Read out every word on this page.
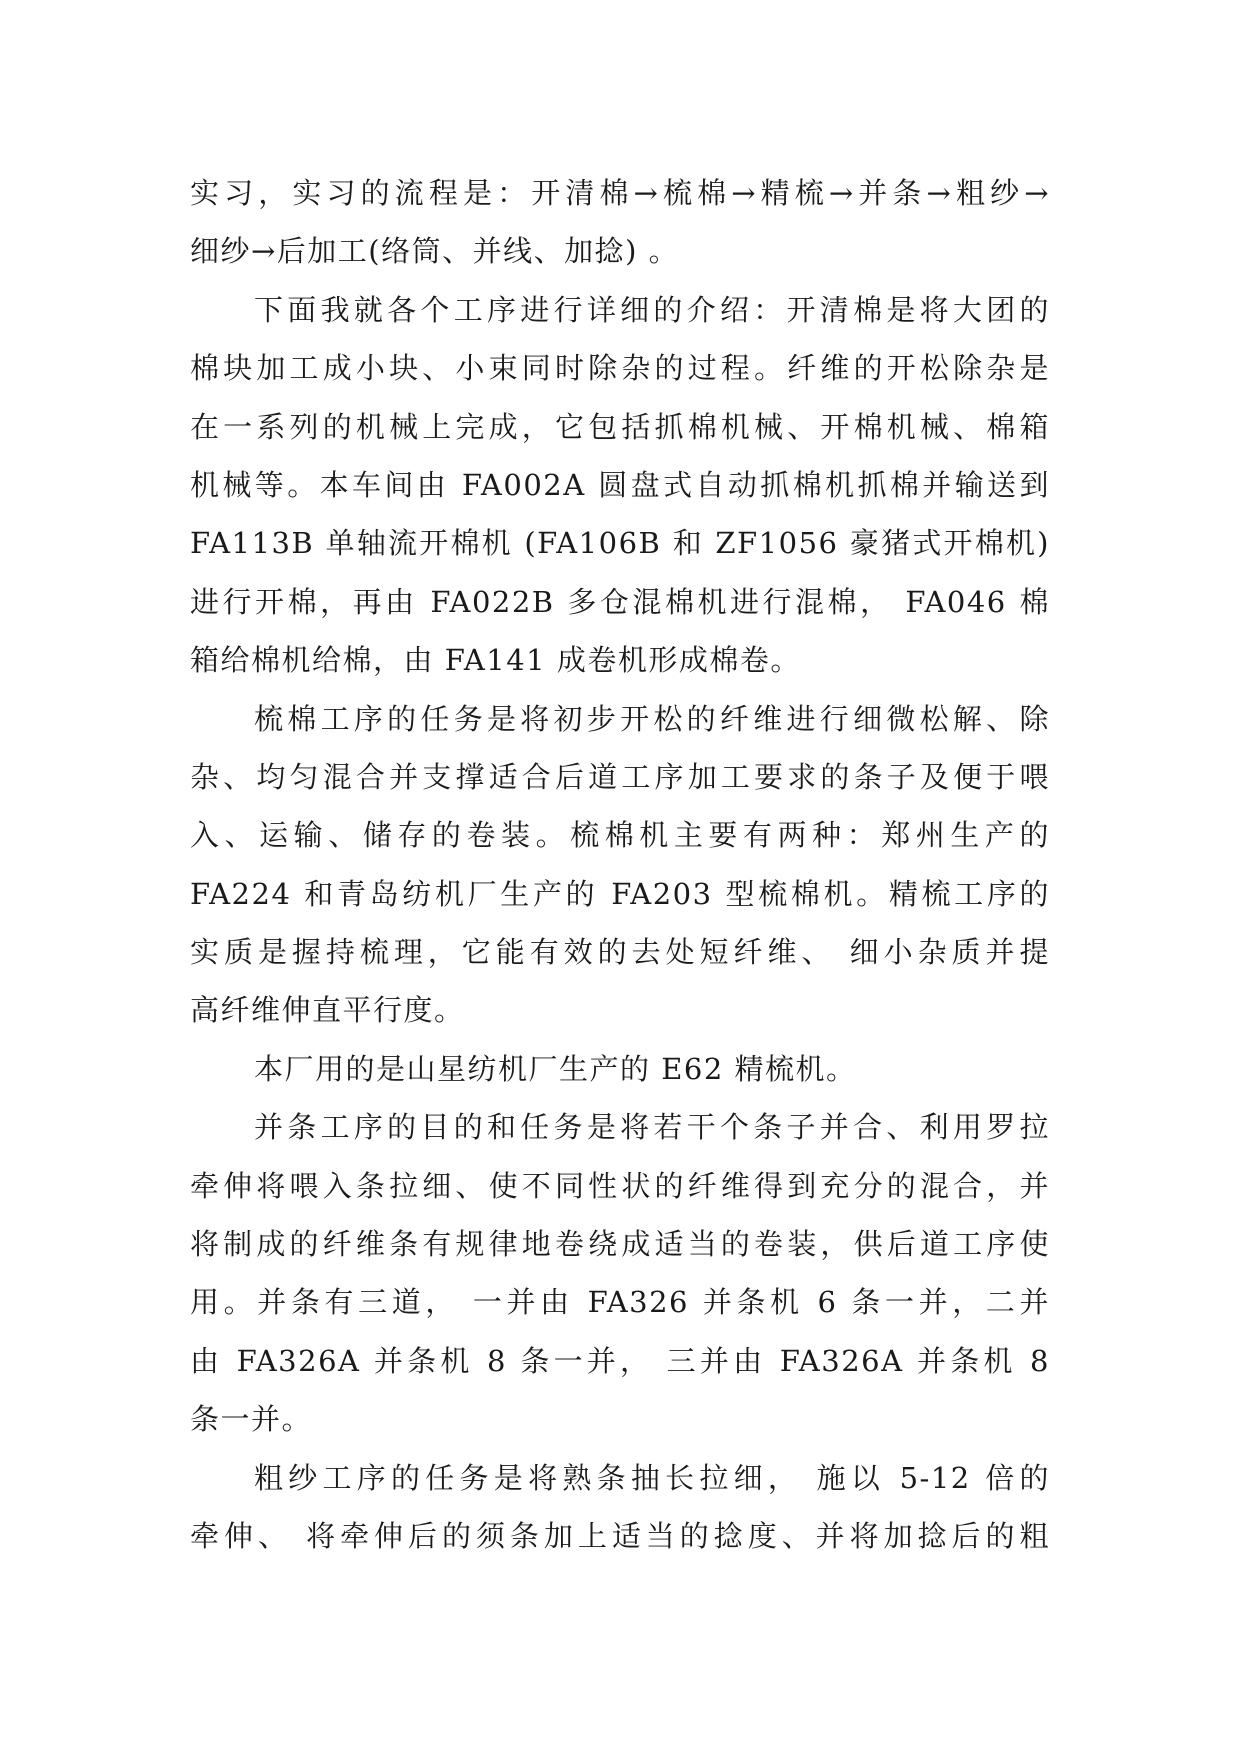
实习，实习的流程是：开清棉→梳棉→精梳→并条→粗纱→
细纱→后加工(络筒、并线、加捻) 。
下面我就各个工序进行详细的介绍：开清棉是将大团的
棉块加工成小块、小束同时除杂的过程。纤维的开松除杂是
在一系列的机械上完成，它包括抓棉机械、开棉机械、棉箱
机械等。本车间由 FA002A 圆盘式自动抓棉机抓棉并输送到
FA113B 单轴流开棉机 (FA106B 和 ZF1056 豪猪式开棉机)
进行开棉，再由 FA022B 多仓混棉机进行混棉， FA046 棉
箱给棉机给棉，由 FA141 成卷机形成棉卷。
梳棉工序的任务是将初步开松的纤维进行细微松解、除
杂、均匀混合并支撑适合后道工序加工要求的条子及便于喂
入、运输、储存的卷装。梳棉机主要有两种：郑州生产的
FA224 和青岛纺机厂生产的 FA203 型梳棉机。精梳工序的
实质是握持梳理，它能有效的去处短纤维、 细小杂质并提
高纤维伸直平行度。
本厂用的是山星纺机厂生产的 E62 精梳机。
并条工序的目的和任务是将若干个条子并合、利用罗拉
牵伸将喂入条拉细、使不同性状的纤维得到充分的混合，并
将制成的纤维条有规律地卷绕成适当的卷装，供后道工序使
用。并条有三道， 一并由 FA326 并条机 6 条一并，二并
由 FA326A 并条机 8 条一并， 三并由 FA326A 并条机 8
条一并。
粗纱工序的任务是将熟条抽长拉细， 施以 5-12 倍的
牵伸、 将牵伸后的须条加上适当的捻度、并将加捻后的粗
